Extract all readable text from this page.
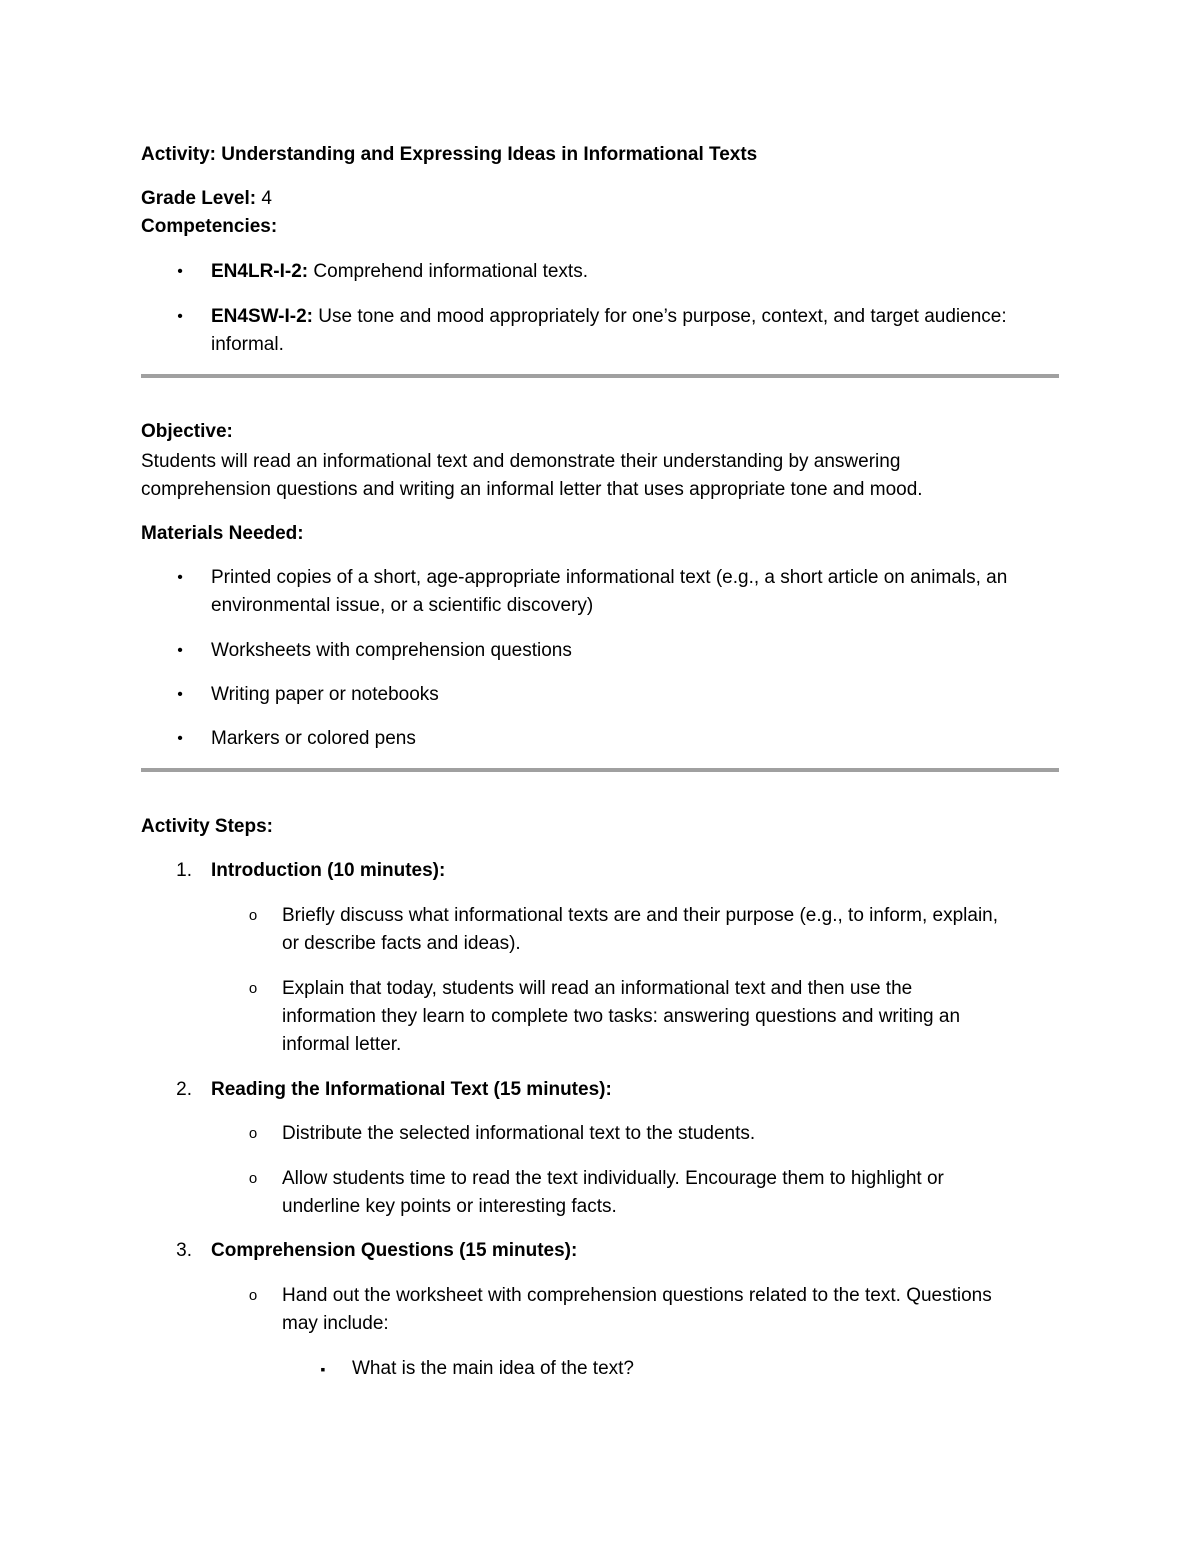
Activity: Understanding and Expressing Ideas in Informational Texts

Grade Level: 4

Competencies:

•	EN4LR-I-2: Comprehend informational texts.

•	EN4SW-I-2: Use tone and mood appropriately for one’s purpose, context, and target audience:

informal.

Objective:

Students will read an informational text and demonstrate their understanding by answering

comprehension questions and writing an informal letter that uses appropriate tone and mood.

Materials Needed:

•	Printed copies of a short, age-appropriate informational text (e.g., a short article on animals, an

environmental issue, or a scientific discovery)

•	Worksheets with comprehension questions

•	Writing paper or notebooks

•	Markers or colored pens

Activity Steps:

1. Introduction (10 minutes):

o	Briefly discuss what informational texts are and their purpose (e.g., to inform, explain,

or describe facts and ideas).

o	Explain that today, students will read an informational text and then use the

information they learn to complete two tasks: answering questions and writing an

informal letter.

2. Reading the Informational Text (15 minutes):

o	Distribute the selected informational text to the students.

o	Allow students time to read the text individually. Encourage them to highlight or

underline key points or interesting facts.

3. Comprehension Questions (15 minutes):

o	Hand out the worksheet with comprehension questions related to the text. Questions

may include:

▪ What is the main idea of the text?
